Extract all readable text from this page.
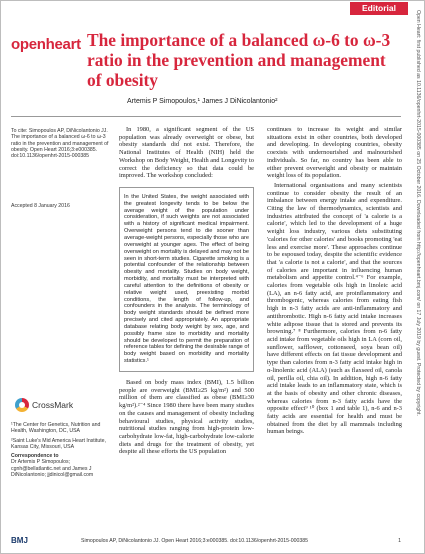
Editorial
openheart The importance of a balanced ω-6 to ω-3 ratio in the prevention and management of obesity
Artemis P Simopoulos,¹ James J DiNicolantonio²

To cite: Simopoulos AP, DiNicolantonio JJ. The importance of a balanced ω-6 to ω-3 ratio in the prevention and management of obesity. Open Heart 2016;3:e000385. doi:10.1136/openhrt-2015-000385

Accepted 8 January 2016
CrossMark

¹The Center for Genetics, Nutrition and Health, Washington, DC, USA

²Saint Luke's Mid America Heart Institute, Kansas City, Missouri, USA

Correspondence to

Dr Artemis P Simopoulos; cgnh@bellatlantic.net and James J DiNicolantonio; jjdinicol@gmail.com

In 1980, a significant segment of the US population was already overweight or obese, but obesity standards did not exist. Therefore, the National Institutes of Health (NIH) held the Workshop on Body Weight, Health and Longevity to correct the deficiency so that data could be improved. The workshop concluded:

In the United States, the weight associated with the greatest longevity tends to be below the average weight of the population under consideration, if such weights are not associated with a history of significant medical impairment. Overweight persons tend to die sooner than average-weight persons, especially those who are overweight at younger ages. The effect of being overweight on mortality is delayed and may not be seen in short-term studies. Cigarette smoking is a potential confounder of the relationship between obesity and mortality. Studies on body weight, morbidity, and mortality must be interpreted with careful attention to the definitions of obesity or relative weight used, preexisting morbid conditions, the length of follow-up, and confounders in the analysis. The terminology of body weight standards should be defined more precisely and cited appropriately. An appropriate database relating body weight by sex, age, and possibly frame size to morbidity and mortality should be developed to permit the preparation of reference tables for defining the desirable range of body weight based on morbidity and mortality statistics.¹

Based on body mass index (BMI), 1.5 billion people are overweight (BMI≥25 kg/m²) and 500 million of them are classified as obese (BMI≥30 kg/m²).²⁻⁴ Since 1980 there have been many studies on the causes and management of obesity including behavioural studies, physical activity studies, nutritional studies ranging from high-protein low-carbohydrate low-fat, high-carbohydrate low-calorie diets and drugs for the treatment of obesity, yet despite all these efforts the US population

continues to increase its weight and similar situations exist in other countries, both developed and developing. In developing countries, obesity coexists with undernourished and malnourished individuals. So far, no country has been able to either prevent overweight and obesity or maintain weight loss of its population.

International organisations and many scientists continue to consider obesity the result of an imbalance between energy intake and expenditure. Citing the law of thermodynamics, scientists and industries attributed the concept of 'a calorie is a calorie', which led to the development of a huge weight loss industry, various diets substituting 'calories for other calories' and books promoting 'eat less and exercise more'. These approaches continue to be espoused today, despite the scientific evidence that 'a calorie is not a calorie', and that the sources of calories are important in influencing human metabolism and appetite control.⁴⁻⁶ For example, calories from vegetable oils high in linoleic acid (LA), an n-6 fatty acid, are proinflammatory and thrombogenic, whereas calories from eating fish high in n-3 fatty acids are anti-inflammatory and antithrombotic. High n-6 fatty acid intake increases white adipose tissue that is stored and prevents its browning.⁷ ⁸ Furthermore, calories from n-6 fatty acid intake from vegetable oils high in LA (corn oil, sunflower, safflower, cottonseed, soya bean oil) have different effects on fat tissue development and type than calories from n-3 fatty acid intake high in α-linolenic acid (ALA) (such as flaxseed oil, canola oil, perilla oil, chia oil). In addition, high n-6 fatty acid intake leads to an inflammatory state, which is at the basis of obesity and other chronic diseases, whereas calories from n-3 fatty acids have the opposite effect⁹ ¹⁰ (box 1 and table 1), n-6 and n-3 fatty acids are essential for health and must be obtained from the diet by all mammals including human beings.

BMJ	Simopoulos AP, DiNicolantonio JJ. Open Heart 2016;3:e000385. doi:10.1136/openhrt-2015-000385	1
Open Heart: first published as 10.1136/openhrt-2015-000385 on 25 October 2016. Downloaded from http://openheart.bmj.com/ on 17 July 2019 by guest. Protected by copyright.
